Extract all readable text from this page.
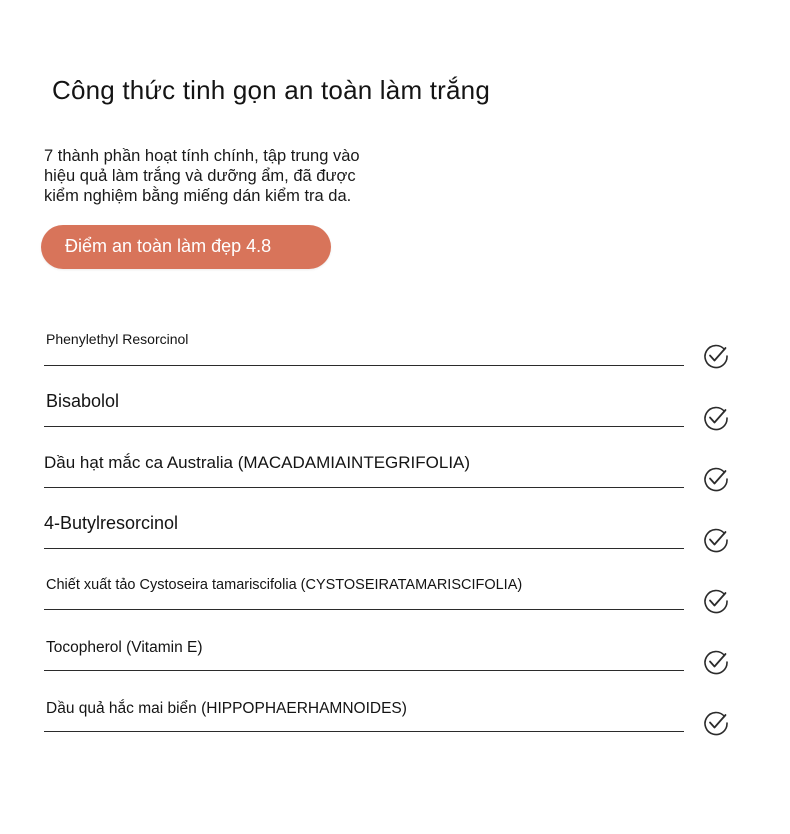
Công thức tinh gọn an toàn làm trắng
7 thành phần hoạt tính chính, tập trung vào
hiệu quả làm trắng và dưỡng ẩm, đã được
kiểm nghiệm bằng miếng dán kiểm tra da.
Điểm an toàn làm đẹp 4.8
Phenylethyl Resorcinol
Bisabolol
Dầu hạt mắc ca Australia (MACADAMIAINTEGRIFOLIA)
4-Butylresorcinol
Chiết xuất tảo Cystoseira tamariscifolia (CYSTOSEIRATAMARISCIFOLIA)
Tocopherol (Vitamin E)
Dầu quả hắc mai biển (HIPPOPHAERHAMNOIDES)
